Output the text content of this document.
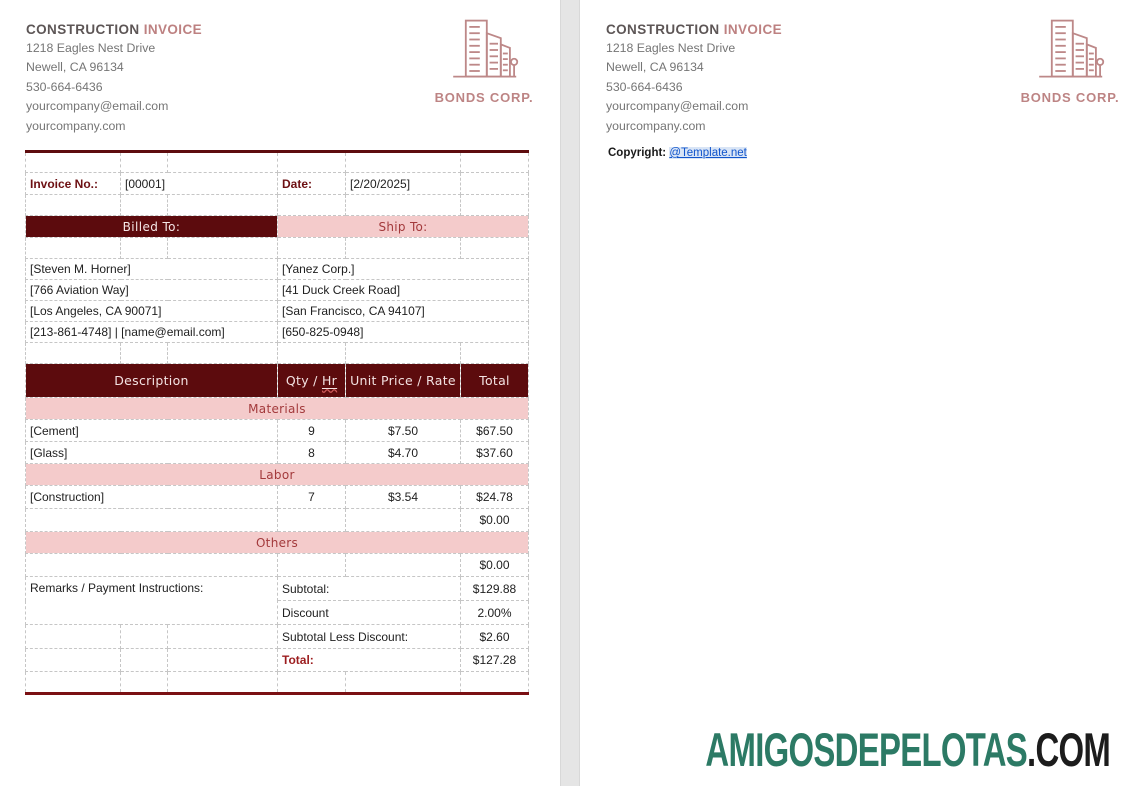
CONSTRUCTION INVOICE
1218 Eagles Nest Drive
Newell, CA 96134
530-664-6436
yourcompany@email.com
yourcompany.com
BONDS CORP.

Invoice No.:	[00001]		Date:	[2/20/2025]	

Billed To:			Ship To:		

[Steven M. Horner]			[Yanez Corp.]		
[766 Aviation Way]			[41 Duck Creek Road]		
[Los Angeles, CA 90071]			[San Francisco, CA 94107]		
[213-861-4748] | [name@email.com]			[650-825-0948]		

Description			Qty / Hr	Unit Price / Rate	Total
Materials					
[Cement]			9	$7.50	$67.50
[Glass]			8	$4.70	$37.60
Labor					
[Construction]			7	$3.54	$24.78
					$0.00
Others					
					$0.00
Remarks / Payment Instructions:			Subtotal:		$129.88
			Discount		2.00%
			Subtotal Less Discount:		$2.60
			Total:		$127.28

CONSTRUCTION INVOICE
1218 Eagles Nest Drive
Newell, CA 96134
530-664-6436
yourcompany@email.com
yourcompany.com
BONDS CORP.
Copyright: @Template.net
AMIGOSDEPELOTAS.COM
